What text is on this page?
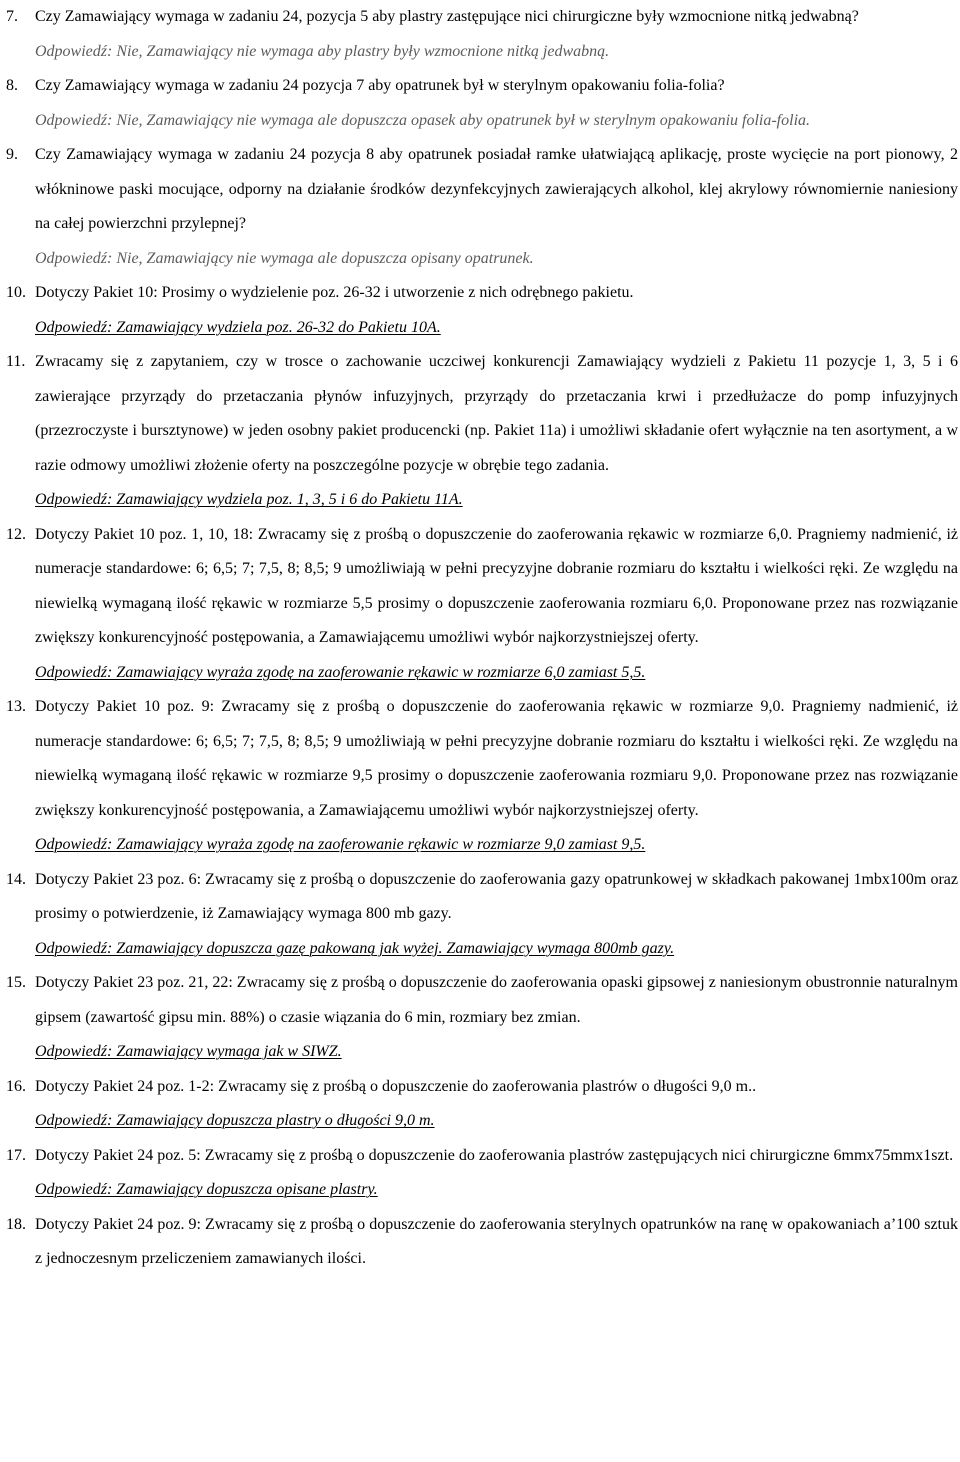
7. Czy Zamawiający wymaga w zadaniu 24, pozycja 5 aby plastry zastępujące nici chirurgiczne były wzmocnione nitką jedwabną?

Odpowiedź: Nie, Zamawiający nie wymaga aby plastry były wzmocnione nitką jedwabną.

8. Czy Zamawiający wymaga w zadaniu 24 pozycja 7 aby opatrunek był w sterylnym opakowaniu folia-folia?

Odpowiedź: Nie, Zamawiający nie wymaga ale dopuszcza opasek aby opatrunek był w sterylnym opakowaniu folia-folia.

9. Czy Zamawiający wymaga w zadaniu 24 pozycja 8 aby opatrunek posiadał ramke ułatwiającą aplikację, proste wycięcie na port pionowy, 2 włókninowe paski mocujące, odporny na działanie środków dezynfekcyjnych zawierających alkohol, klej akrylowy równomiernie naniesiony na całej powierzchni przylepnej?

Odpowiedź: Nie, Zamawiający nie wymaga ale dopuszcza opisany opatrunek.

10. Dotyczy Pakiet 10: Prosimy o wydzielenie poz. 26-32 i utworzenie z nich odrębnego pakietu.

Odpowiedź: Zamawiający wydziela poz. 26-32 do Pakietu 10A.

11. Zwracamy się z zapytaniem, czy w trosce o zachowanie uczciwej konkurencji Zamawiający wydzieli z Pakietu 11 pozycje 1, 3, 5 i 6 zawierające przyrządy do przetaczania płynów infuzyjnych, przyrządy do przetaczania krwi i przedłużacze do pomp infuzyjnych (przezroczyste i bursztynowe) w jeden osobny pakiet producencki (np. Pakiet 11a) i umożliwi składanie ofert wyłącznie na ten asortyment, a w razie odmowy umożliwi złożenie oferty na poszczególne pozycje w obrębie tego zadania.

Odpowiedź: Zamawiający wydziela poz. 1, 3, 5 i 6 do Pakietu 11A.

12. Dotyczy Pakiet 10 poz. 1, 10, 18: Zwracamy się z prośbą o dopuszczenie do zaoferowania rękawic w rozmiarze 6,0. Pragniemy nadmienić, iż numeracje standardowe: 6; 6,5; 7; 7,5, 8; 8,5; 9 umożliwiają w pełni precyzyjne dobranie rozmiaru do kształtu i wielkości ręki. Ze względu na niewielką wymaganą ilość rękawic w rozmiarze 5,5 prosimy o dopuszczenie zaoferowania rozmiaru 6,0. Proponowane przez nas rozwiązanie zwiększy konkurencyjność postępowania, a Zamawiającemu umożliwi wybór najkorzystniejszej oferty.

Odpowiedź: Zamawiający wyraża zgodę na zaoferowanie rękawic w rozmiarze 6,0 zamiast 5,5.

13. Dotyczy Pakiet 10 poz. 9: Zwracamy się z prośbą o dopuszczenie do zaoferowania rękawic w rozmiarze 9,0. Pragniemy nadmienić, iż numeracje standardowe: 6; 6,5; 7; 7,5, 8; 8,5; 9 umożliwiają w pełni precyzyjne dobranie rozmiaru do kształtu i wielkości ręki. Ze względu na niewielką wymaganą ilość rękawic w rozmiarze 9,5 prosimy o dopuszczenie zaoferowania rozmiaru 9,0. Proponowane przez nas rozwiązanie zwiększy konkurencyjność postępowania, a Zamawiającemu umożliwi wybór najkorzystniejszej oferty.

Odpowiedź: Zamawiający wyraża zgodę na zaoferowanie rękawic w rozmiarze 9,0 zamiast 9,5.

14. Dotyczy Pakiet 23 poz. 6: Zwracamy się z prośbą o dopuszczenie do zaoferowania gazy opatrunkowej w składkach pakowanej 1mbx100m oraz prosimy o potwierdzenie, iż Zamawiający wymaga 800 mb gazy.

Odpowiedź: Zamawiający dopuszcza gazę pakowaną jak wyżej. Zamawiający wymaga 800mb gazy.

15. Dotyczy Pakiet 23 poz. 21, 22: Zwracamy się z prośbą o dopuszczenie do zaoferowania opaski gipsowej z naniesionym obustronnie naturalnym gipsem (zawartość gipsu min. 88%) o czasie wiązania do 6 min, rozmiary bez zmian.

Odpowiedź: Zamawiający wymaga jak w SIWZ.

16. Dotyczy Pakiet 24 poz. 1-2: Zwracamy się z prośbą o dopuszczenie do zaoferowania plastrów o długości 9,0 m..

Odpowiedź: Zamawiający dopuszcza plastry o długości 9,0 m.

17. Dotyczy Pakiet 24 poz. 5: Zwracamy się z prośbą o dopuszczenie do zaoferowania plastrów zastępujących nici chirurgiczne 6mmx75mmx1szt.

Odpowiedź: Zamawiający dopuszcza opisane plastry.

18. Dotyczy Pakiet 24 poz. 9: Zwracamy się z prośbą o dopuszczenie do zaoferowania sterylnych opatrunków na ranę w opakowaniach a’100 sztuk z jednoczesnym przeliczeniem zamawianych ilości.
